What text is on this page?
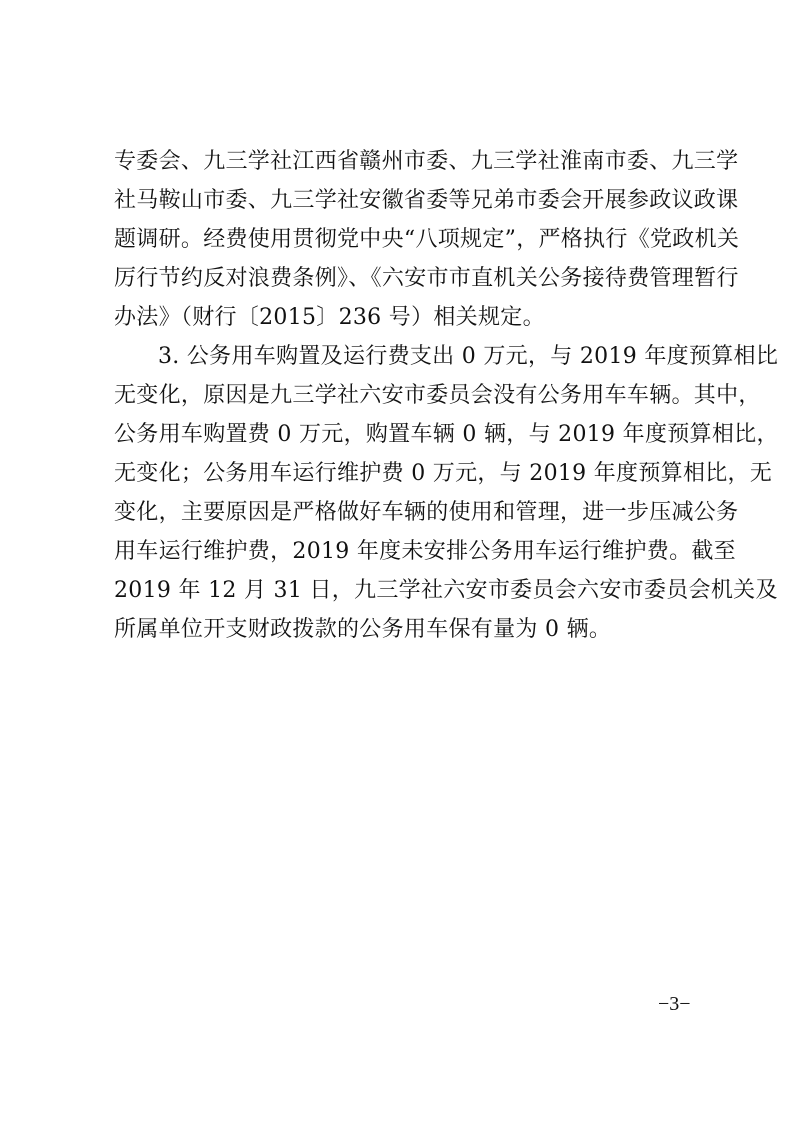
专委会、九三学社江西省赣州市委、九三学社淮南市委、九三学
社马鞍山市委、九三学社安徽省委等兄弟市委会开展参政议政课
题调研。经费使用贯彻党中央“八项规定”，严格执行《党政机关
厉行节约反对浪费条例》、《六安市市直机关公务接待费管理暂行
办法》（财行〔2015〕236 号）相关规定。
3. 公务用车购置及运行费支出 0 万元，与 2019 年度预算相比
无变化，原因是九三学社六安市委员会没有公务用车车辆。其中，
公务用车购置费 0 万元，购置车辆 0 辆，与 2019 年度预算相比，
无变化；公务用车运行维护费 0 万元，与 2019 年度预算相比，无
变化，主要原因是严格做好车辆的使用和管理，进一步压减公务
用车运行维护费，2019 年度未安排公务用车运行维护费。截至
2019 年 12 月 31 日，九三学社六安市委员会六安市委员会机关及
所属单位开支财政拨款的公务用车保有量为 0 辆。
−3−
